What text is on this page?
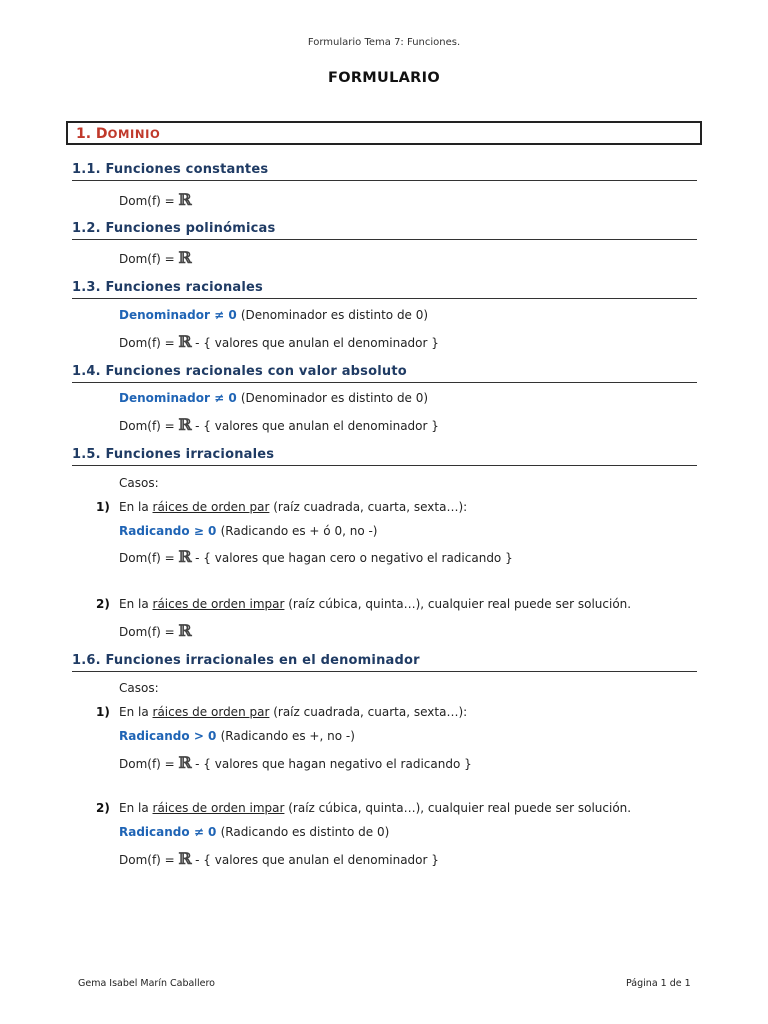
Formulario Tema 7: Funciones.
FORMULARIO
1. DOMINIO
1.1. Funciones constantes
Dom(f) = ℝ
1.2. Funciones polinómicas
Dom(f) = ℝ
1.3. Funciones racionales
Denominador ≠ 0 (Denominador es distinto de 0)
Dom(f) = ℝ - { valores que anulan el denominador }
1.4. Funciones racionales con valor absoluto
Denominador ≠ 0 (Denominador es distinto de 0)
Dom(f) = ℝ - { valores que anulan el denominador }
1.5. Funciones irracionales
Casos:
1) En la ráices de orden par (raíz cuadrada, cuarta, sexta…):
Radicando ≥ 0 (Radicando es + ó 0, no -)
Dom(f) = ℝ - { valores que hagan cero o negativo el radicando }
2) En la ráices de orden impar (raíz cúbica, quinta…), cualquier real puede ser solución.
Dom(f) = ℝ
1.6. Funciones irracionales en el denominador
Casos:
1) En la ráices de orden par (raíz cuadrada, cuarta, sexta…):
Radicando > 0 (Radicando es +, no -)
Dom(f) = ℝ - { valores que hagan negativo el radicando }
2) En la ráices de orden impar (raíz cúbica, quinta…), cualquier real puede ser solución.
Radicando ≠ 0 (Radicando es distinto de 0)
Dom(f) = ℝ - { valores que anulan el denominador }
Gema Isabel Marín Caballero	Página 1 de 1
